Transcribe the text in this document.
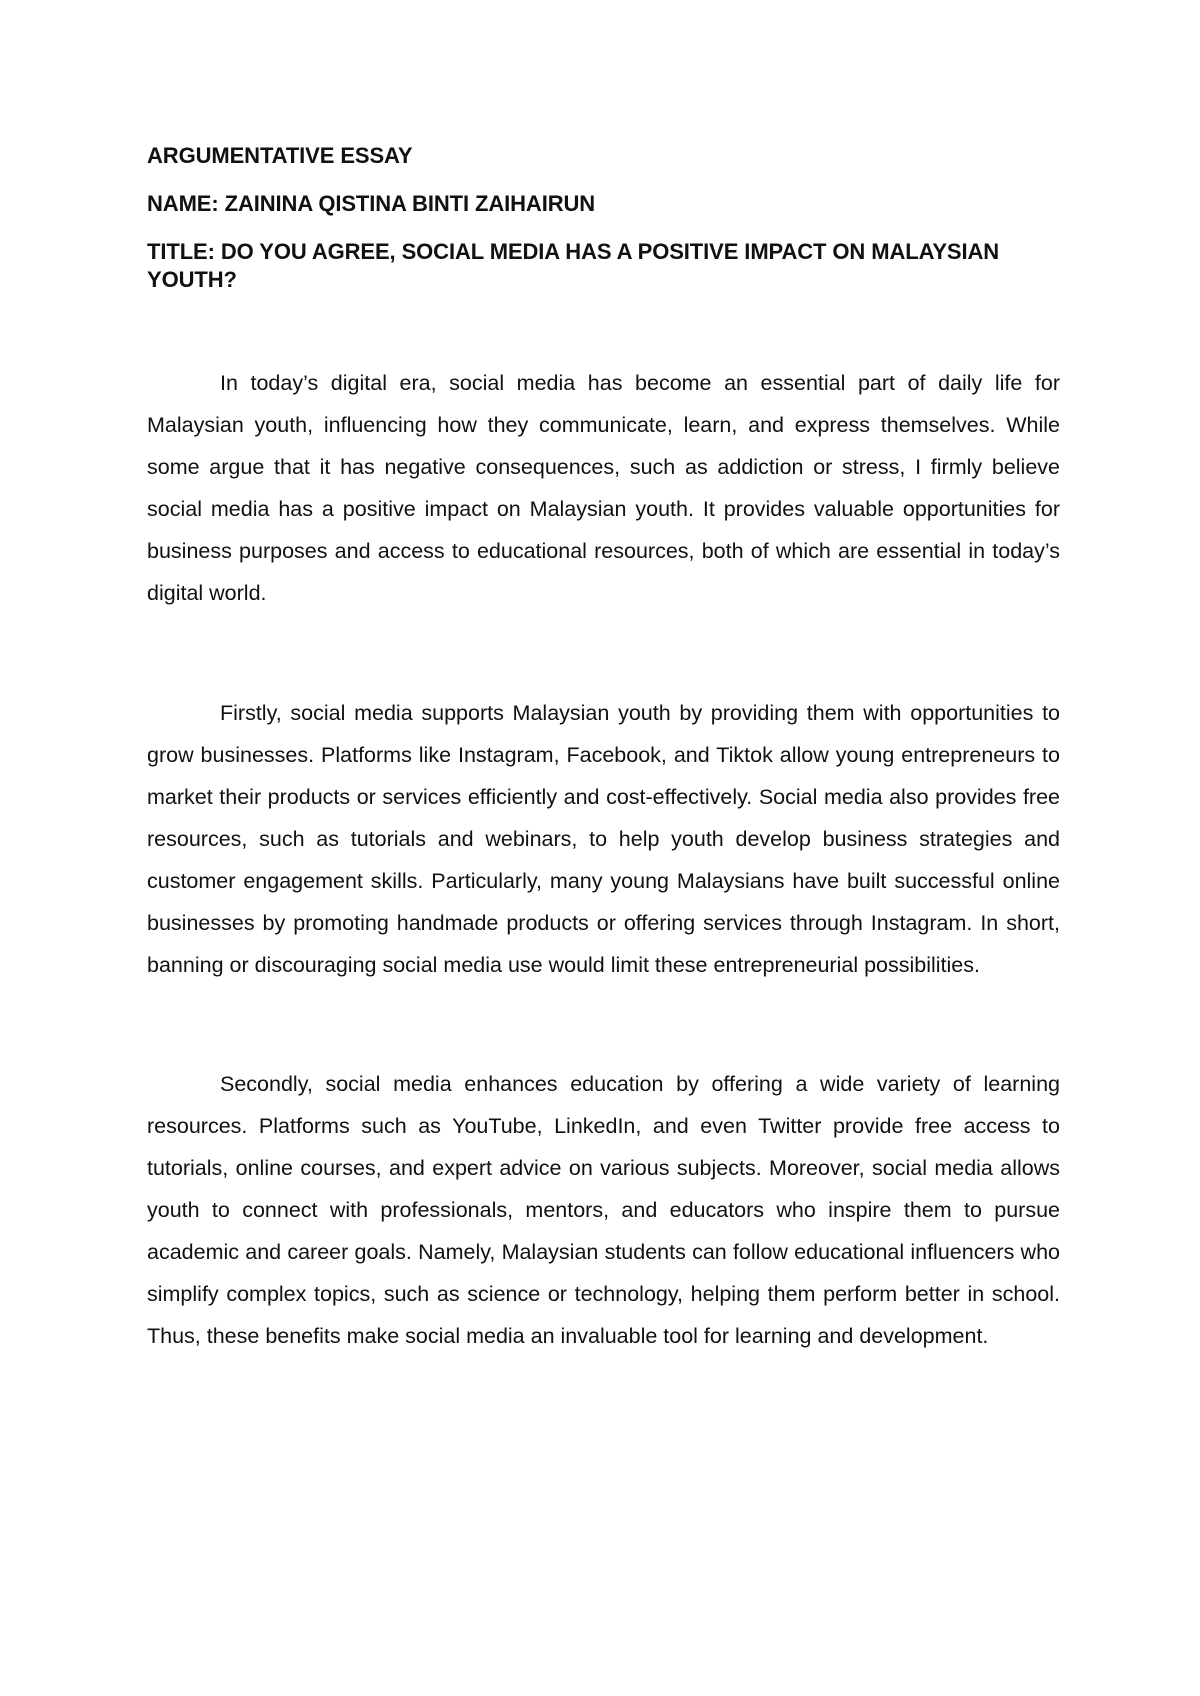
ARGUMENTATIVE ESSAY

NAME: ZAININA QISTINA BINTI ZAIHAIRUN

TITLE: DO YOU AGREE, SOCIAL MEDIA HAS A POSITIVE IMPACT ON MALAYSIAN YOUTH?

In today’s digital era, social media has become an essential part of daily life for Malaysian youth, influencing how they communicate, learn, and express themselves. While some argue that it has negative consequences, such as addiction or stress, I firmly believe social media has a positive impact on Malaysian youth. It provides valuable opportunities for business purposes and access to educational resources, both of which are essential in today’s digital world.

Firstly, social media supports Malaysian youth by providing them with opportunities to grow businesses. Platforms like Instagram, Facebook, and Tiktok allow young entrepreneurs to market their products or services efficiently and cost-effectively. Social media also provides free resources, such as tutorials and webinars, to help youth develop business strategies and customer engagement skills. Particularly, many young Malaysians have built successful online businesses by promoting handmade products or offering services through Instagram. In short, banning or discouraging social media use would limit these entrepreneurial possibilities.

Secondly, social media enhances education by offering a wide variety of learning resources. Platforms such as YouTube, LinkedIn, and even Twitter provide free access to tutorials, online courses, and expert advice on various subjects. Moreover, social media allows youth to connect with professionals, mentors, and educators who inspire them to pursue academic and career goals. Namely, Malaysian students can follow educational influencers who simplify complex topics, such as science or technology, helping them perform better in school. Thus, these benefits make social media an invaluable tool for learning and development.
